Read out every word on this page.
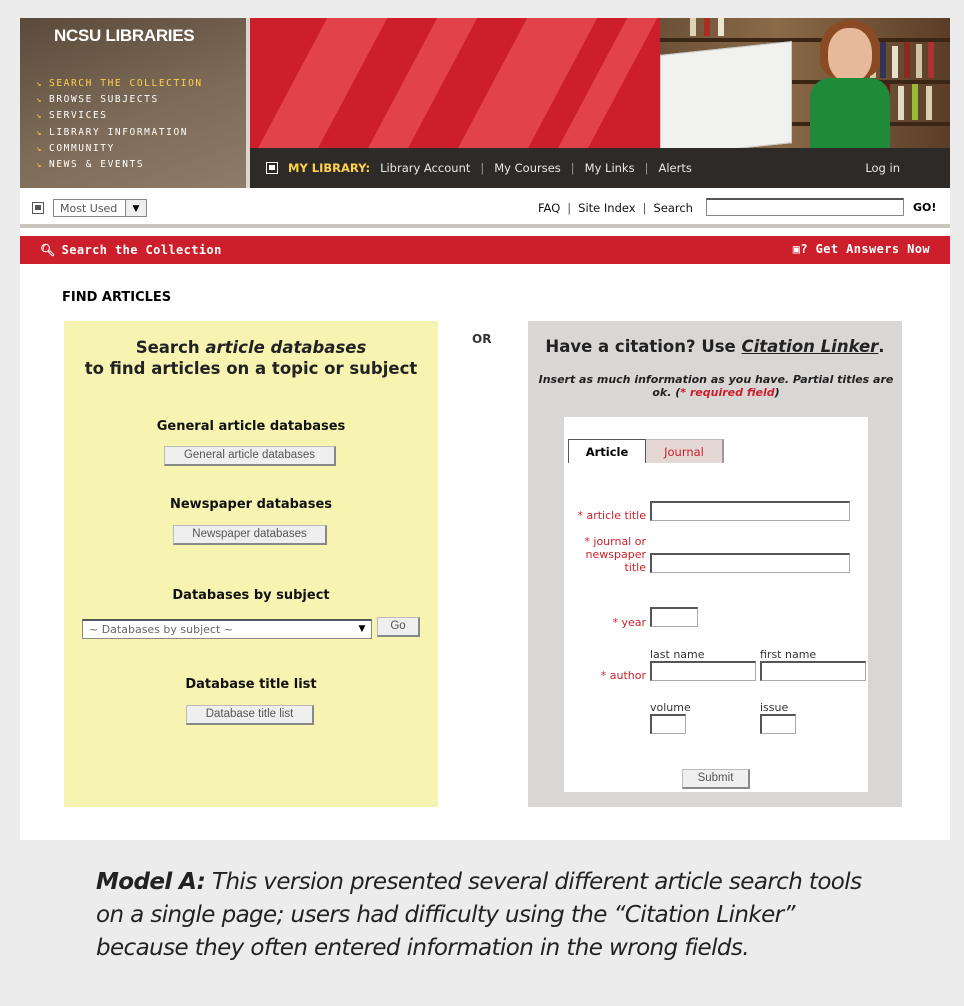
NCSU LIBRARIES
↘ SEARCH THE COLLECTION
↘ BROWSE SUBJECTS
↘ SERVICES
↘ LIBRARY INFORMATION
↘ COMMUNITY
↘ NEWS & EVENTS	MY LIBRARY: Library Account | My Courses | My Links | Alerts	Log in
Most Used	▼	FAQ | Site Index | Search	GO!
🔍︎ Search the Collection	▣? Get Answers Now
FIND ARTICLES
OR
Search article databases
to find articles on a topic or subject
General article databases
General article databases
Newspaper databases
Newspaper databases
Databases by subject
~ Databases by subject ~	▼	Go
Database title list
Database title list
Have a citation? Use Citation Linker.
Insert as much information as you have. Partial titles are ok. (* required field)
Article	Journal
* article title
* journal or
newspaper
title
* year
last name	first name
* author
volume	issue
Submit
Model A: This version presented several different article search tools on a single page; users had difficulty using the “Citation Linker” because they often entered information in the wrong fields.
